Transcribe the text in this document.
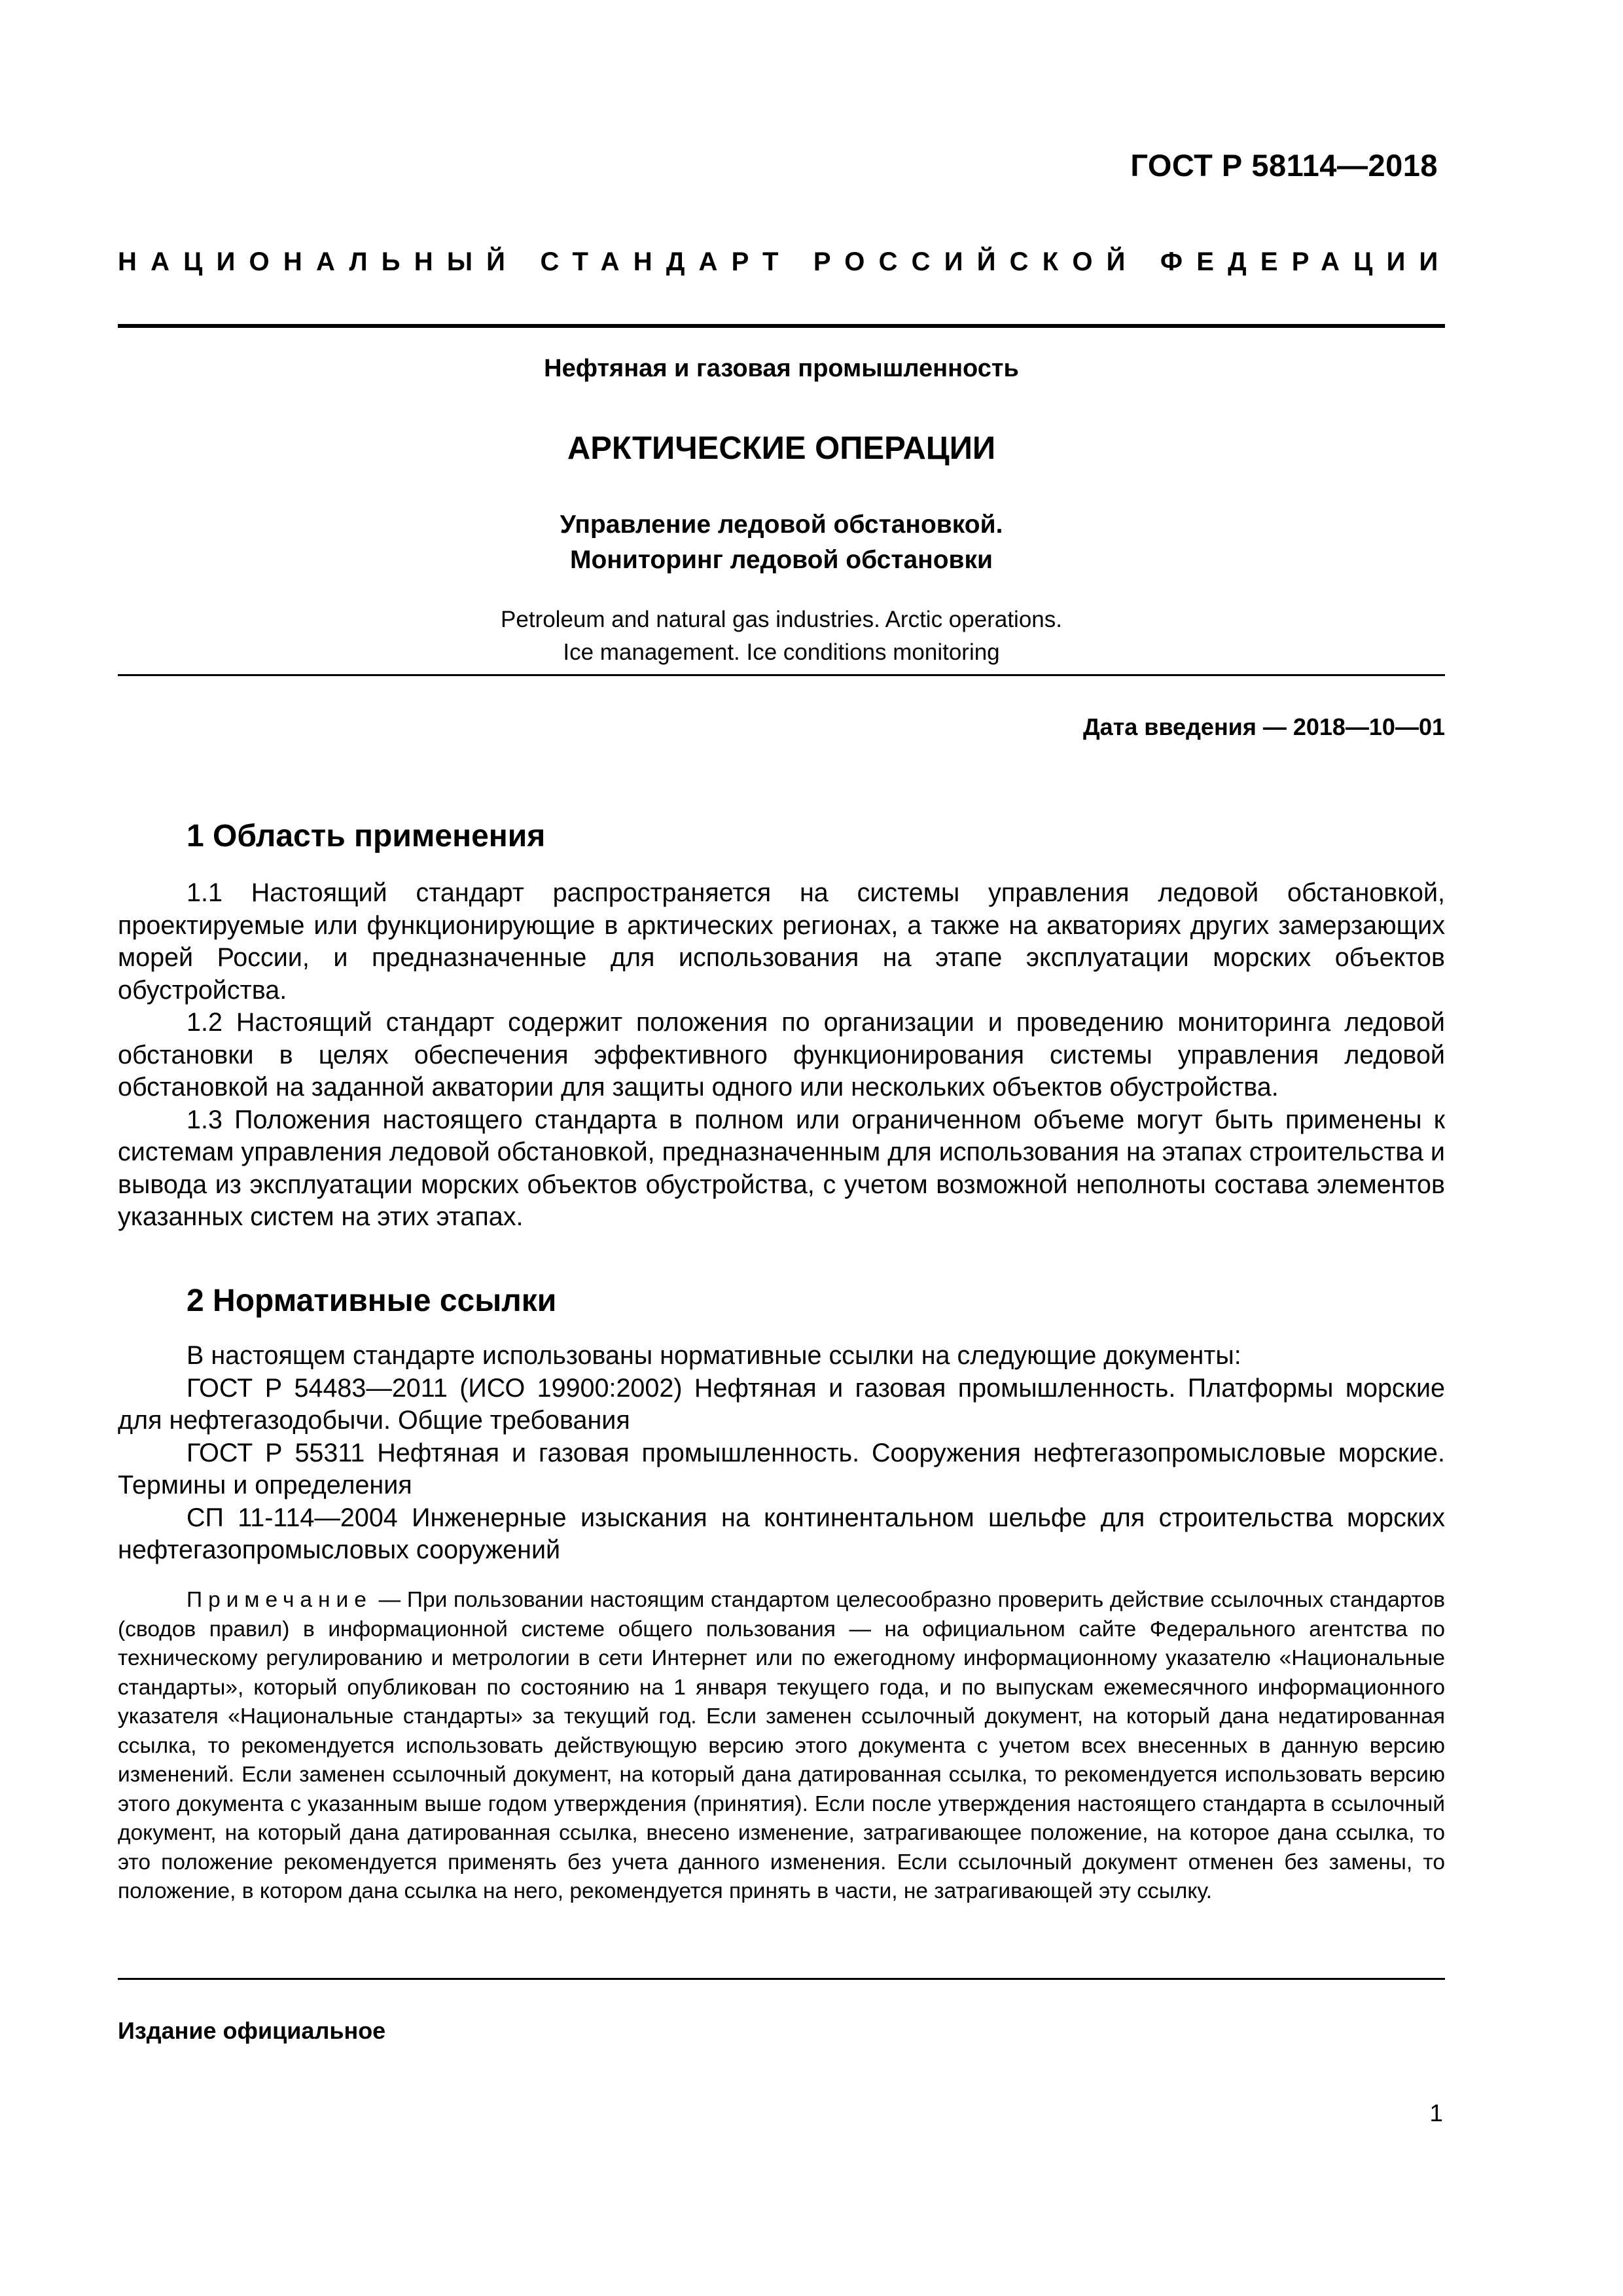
ГОСТ Р 58114—2018
НАЦИОНАЛЬНЫЙ СТАНДАРТ РОССИЙСКОЙ ФЕДЕРАЦИИ
Нефтяная и газовая промышленность
АРКТИЧЕСКИЕ ОПЕРАЦИИ
Управление ледовой обстановкой.
Мониторинг ледовой обстановки
Petroleum and natural gas industries. Arctic operations.
Ice management. Ice conditions monitoring
Дата введения — 2018—10—01
1 Область применения

1.1 Настоящий стандарт распространяется на системы управления ледовой обстановкой, проектируемые или функционирующие в арктических регионах, а также на акваториях других замерзающих морей России, и предназначенные для использования на этапе эксплуатации морских объектов обустройства.

1.2 Настоящий стандарт содержит положения по организации и проведению мониторинга ледовой обстановки в целях обеспечения эффективного функционирования системы управления ледовой обстановкой на заданной акватории для защиты одного или нескольких объектов обустройства.

1.3 Положения настоящего стандарта в полном или ограниченном объеме могут быть применены к системам управления ледовой обстановкой, предназначенным для использования на этапах строительства и вывода из эксплуатации морских объектов обустройства, с учетом возможной неполноты состава элементов указанных систем на этих этапах.

2 Нормативные ссылки

В настоящем стандарте использованы нормативные ссылки на следующие документы:

ГОСТ Р 54483—2011 (ИСО 19900:2002) Нефтяная и газовая промышленность. Платформы морские для нефтегазодобычи. Общие требования

ГОСТ Р 55311 Нефтяная и газовая промышленность. Сооружения нефтегазопромысловые морские. Термины и определения

СП 11-114—2004 Инженерные изыскания на континентальном шельфе для строительства морских нефтегазопромысловых сооружений

Примечание — При пользовании настоящим стандартом целесообразно проверить действие ссылочных стандартов (сводов правил) в информационной системе общего пользования — на официальном сайте Федерального агентства по техническому регулированию и метрологии в сети Интернет или по ежегодному информационному указателю «Национальные стандарты», который опубликован по состоянию на 1 января текущего года, и по выпускам ежемесячного информационного указателя «Национальные стандарты» за текущий год. Если заменен ссылочный документ, на который дана недатированная ссылка, то рекомендуется использовать действующую версию этого документа с учетом всех внесенных в данную версию изменений. Если заменен ссылочный документ, на который дана датированная ссылка, то рекомендуется использовать версию этого документа с указанным выше годом утверждения (принятия). Если после утверждения настоящего стандарта в ссылочный документ, на который дана датированная ссылка, внесено изменение, затрагивающее положение, на которое дана ссылка, то это положение рекомендуется применять без учета данного изменения. Если ссылочный документ отменен без замены, то положение, в котором дана ссылка на него, рекомендуется принять в части, не затрагивающей эту ссылку.

Издание официальное
1
